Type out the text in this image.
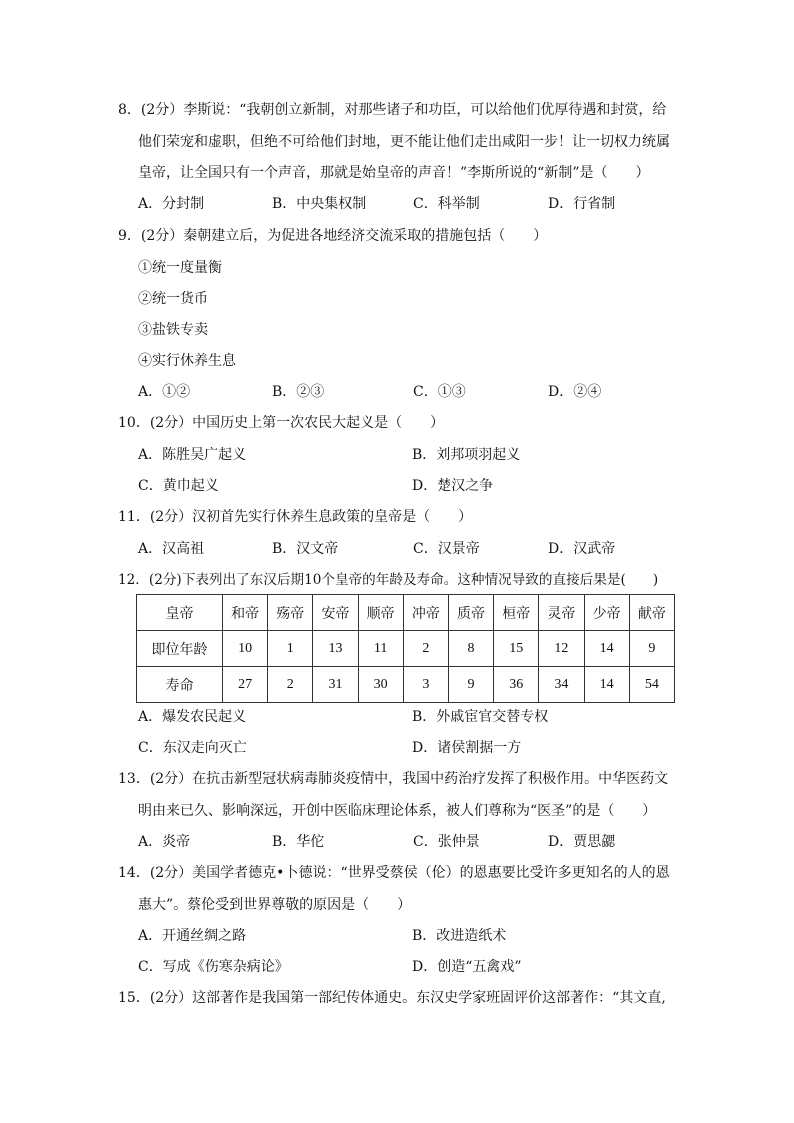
8．(2分）李斯说：“我朝创立新制，对那些诸子和功臣，可以给他们优厚待遇和封赏，给
他们荣宠和虚职，但绝不可给他们封地，更不能让他们走出咸阳一步！让一切权力统属
皇帝，让全国只有一个声音，那就是始皇帝的声音！”李斯所说的“新制”是（　　）
A．分封制	B．中央集权制	C．科举制	D．行省制
9．(2分）秦朝建立后，为促进各地经济交流采取的措施包括（　　）
①统一度量衡
②统一货币
③盐铁专卖
④实行休养生息
A．①②	B．②③	C．①③	D．②④
10．(2分）中国历史上第一次农民大起义是（　　）
A．陈胜吴广起义	B．刘邦项羽起义
C．黄巾起义	D．楚汉之争
11．(2分）汉初首先实行休养生息政策的皇帝是（　　）
A．汉高祖	B．汉文帝	C．汉景帝	D．汉武帝
12．(2分)下表列出了东汉后期10个皇帝的年龄及寿命。这种情况导致的直接后果是(　　)
皇帝	和帝	殇帝	安帝	顺帝	冲帝	质帝	桓帝	灵帝	少帝	献帝
即位年龄	10	1	13	11	2	8	15	12	14	9
寿命	27	2	31	30	3	9	36	34	14	54
A．爆发农民起义	B．外戚宦官交替专权
C．东汉走向灭亡	D．诸侯割据一方
13．(2分）在抗击新型冠状病毒肺炎疫情中，我国中药治疗发挥了积极作用。中华医药文
明由来已久、影响深远，开创中医临床理论体系，被人们尊称为“医圣”的是（　　）
A．炎帝	B．华佗	C．张仲景	D．贾思勰
14．(2分）美国学者德克•卜德说：“世界受蔡侯（伦）的恩惠要比受许多更知名的人的恩
惠大”。蔡伦受到世界尊敬的原因是（　　）
A．开通丝绸之路	B．改进造纸术
C．写成《伤寒杂病论》	D．创造“五禽戏”
15．(2分）这部著作是我国第一部纪传体通史。东汉史学家班固评价这部著作：“其文直,
